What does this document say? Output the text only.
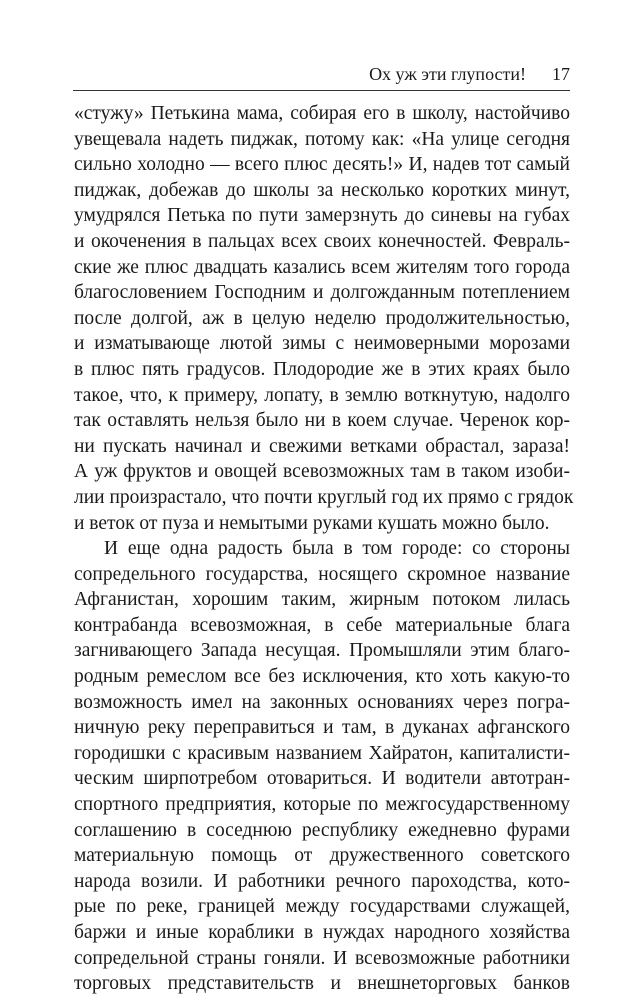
Ох уж эти глупости! 17
«стужу» Петькина мама, собирая его в школу, настойчиво
увещевала надеть пиджак, потому как: «На улице сегодня
сильно холодно — всего плюс десять!» И, надев тот самый
пиджак, добежав до школы за несколько коротких минут,
умудрялся Петька по пути замерзнуть до синевы на губах
и окоченения в пальцах всех своих конечностей. Февраль-
ские же плюс двадцать казались всем жителям того города
благословением Господним и долгожданным потеплением
после долгой, аж в целую неделю продолжительностью,
и изматывающе лютой зимы с неимоверными морозами
в плюс пять градусов. Плодородие же в этих краях было
такое, что, к примеру, лопату, в землю воткнутую, надолго
так оставлять нельзя было ни в коем случае. Черенок кор-
ни пускать начинал и свежими ветками обрастал, зараза!
А уж фруктов и овощей всевозможных там в таком изоби-
лии произрастало, что почти круглый год их прямо с грядок
и веток от пуза и немытыми руками кушать можно было.
И еще одна радость была в том городе: со стороны
сопредельного государства, носящего скромное название
Афганистан, хорошим таким, жирным потоком лилась
контрабанда всевозможная, в себе материальные блага
загнивающего Запада несущая. Промышляли этим благо-
родным ремеслом все без исключения, кто хоть какую-то
возможность имел на законных основаниях через погра-
ничную реку переправиться и там, в дуканах афганского
городишки с красивым названием Хайратон, капиталисти-
ческим ширпотребом отовариться. И водители автотран-
спортного предприятия, которые по межгосударственному
соглашению в соседнюю республику ежедневно фурами
материальную помощь от дружественного советского
народа возили. И работники речного пароходства, кото-
рые по реке, границей между государствами служащей,
баржи и иные кораблики в нуждах народного хозяйства
сопредельной страны гоняли. И всевозможные работники
торговых представительств и внешнеторговых банков
